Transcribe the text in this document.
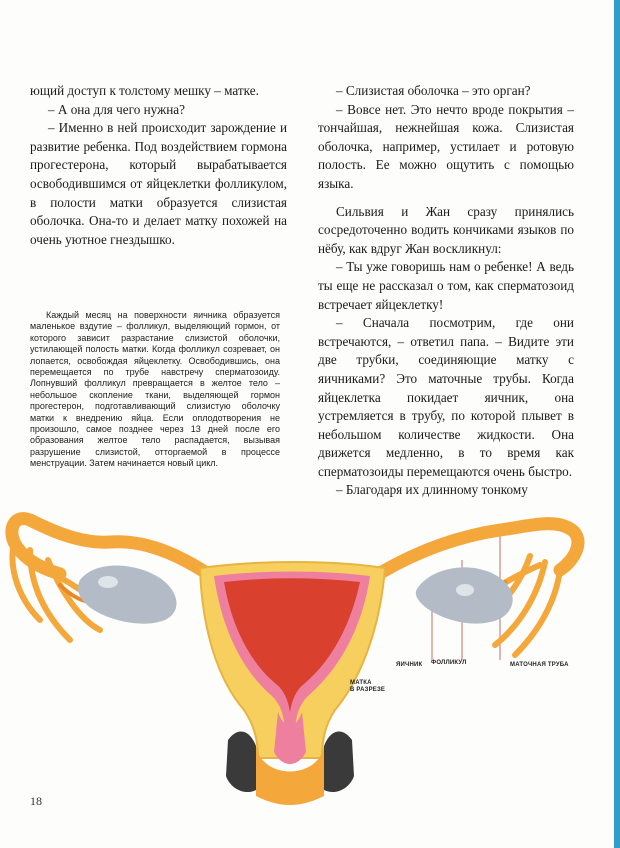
ющий доступ к толстому мешку – матке.

– А она для чего нужна?

– Именно в ней происходит зарождение и развитие ребенка. Под воздействием гормона прогестерона, который вырабатывается освободившимся от яйцеклетки фолликулом, в полости матки образуется слизистая оболочка. Она-то и делает матку похожей на очень уютное гнездышко.

Каждый месяц на поверхности яичника образуется маленькое вздутие – фолликул, выделяющий гормон, от которого зависит разрастание слизистой оболочки, устилающей полость матки. Когда фолликул созревает, он лопается, освобождая яйцеклетку. Освободившись, она перемещается по трубе навстречу сперматозоиду. Лопнувший фолликул превращается в желтое тело – небольшое скопление ткани, выделяющей гормон прогестерон, подготавливающий слизистую оболочку матки к внедрению яйца. Если оплодотворения не произошло, самое позднее через 13 дней после его образования желтое тело распадается, вызывая разрушение слизистой, отторгаемой в процессе менструации. Затем начинается новый цикл.

– Слизистая оболочка – это орган?

– Вовсе нет. Это нечто вроде покрытия – тончайшая, нежнейшая кожа. Слизистая оболочка, например, устилает и ротовую полость. Ее можно ощутить с помощью языка.

Сильвия и Жан сразу принялись сосредоточенно водить кончиками языков по нёбу, как вдруг Жан воскликнул:

– Ты уже говоришь нам о ребенке! А ведь ты еще не рассказал о том, как сперматозоид встречает яйцеклетку!

– Сначала посмотрим, где они встречаются, – ответил папа. – Видите эти две трубки, соединяющие матку с яичниками? Это маточные трубы. Когда яйцеклетка покидает яичник, она устремляется в трубу, по которой плывет в небольшом количестве жидкости. Она движется медленно, в то время как сперматозоиды перемещаются очень быстро.

– Благодаря их длинному тонкому

МАТКА
В РАЗРЕЗЕ
ЯИЧНИК ФОЛЛИКУЛ	МАТОЧНАЯ ТРУБА
18
